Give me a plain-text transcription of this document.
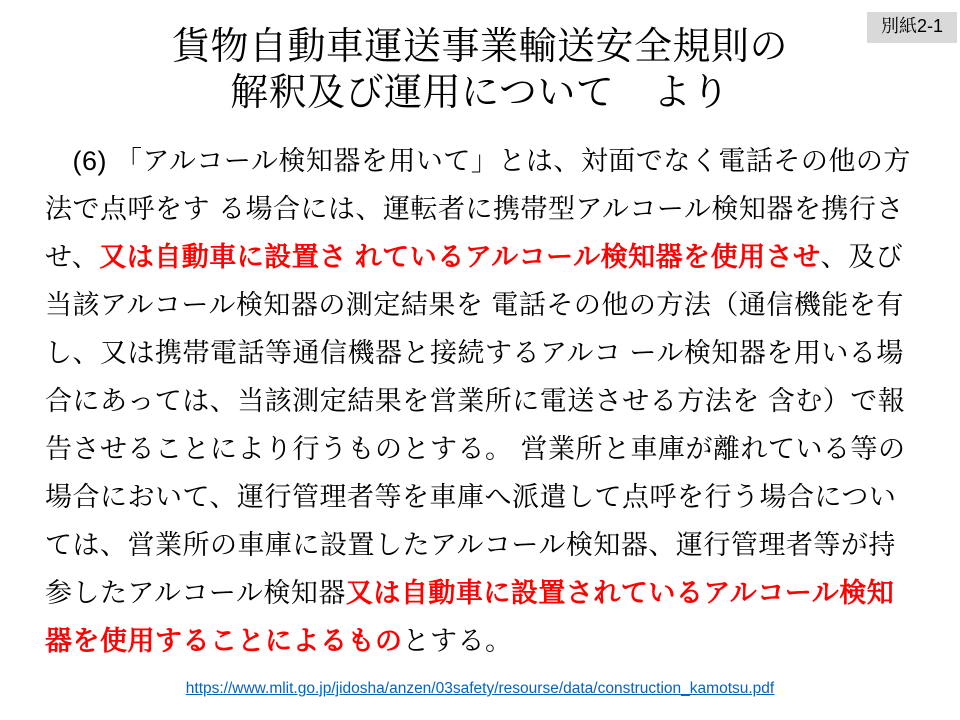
別紙2-1
貨物自動車運送事業輸送安全規則の
解釈及び運用について　より
　(6) 「アルコール検知器を用いて」とは、対面でなく電話その他の方法で点呼をす る場合には、運転者に携帯型アルコール検知器を携行させ、又は自動車に設置さ れているアルコール検知器を使用させ、及び当該アルコール検知器の測定結果を 電話その他の方法（通信機能を有し、又は携帯電話等通信機器と接続するアルコ ール検知器を用いる場合にあっては、当該測定結果を営業所に電送させる方法を 含む）で報告させることにより行うものとする。 営業所と車庫が離れている等の場合において、運行管理者等を車庫へ派遣して点呼を行う場合については、営業所の車庫に設置したアルコール検知器、運行管理者等が持参したアルコール検知器又は自動車に設置されているアルコール検知器を使用することによるものとする。
https://www.mlit.go.jp/jidosha/anzen/03safety/resourse/data/construction_kamotsu.pdf
